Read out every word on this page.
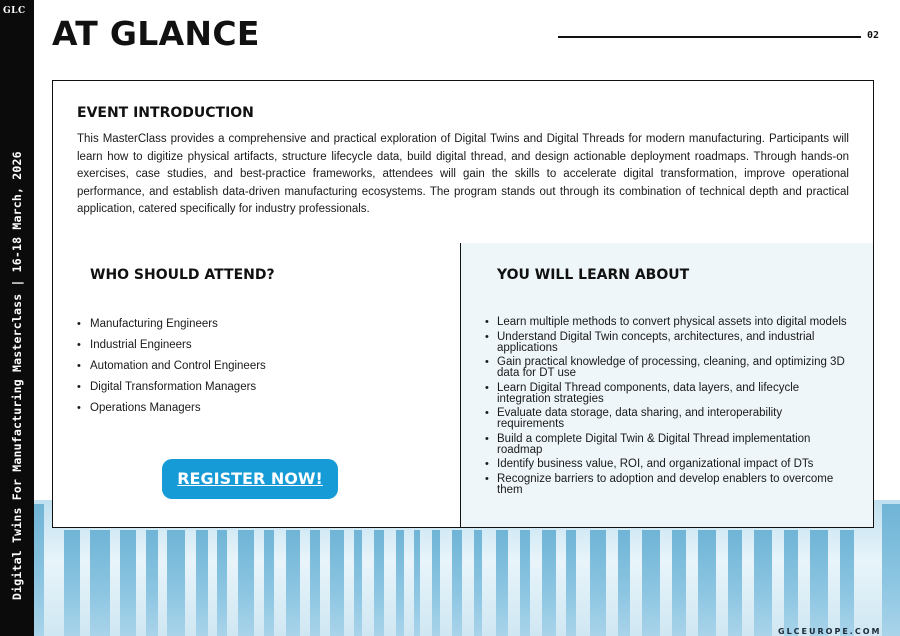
GLC
Digital Twins For Manufacturing Masterclass | 16-18 March, 2026
AT GLANCE	02
EVENT INTRODUCTION

This MasterClass provides a comprehensive and practical exploration of Digital Twins and Digital Threads for modern manufacturing. Participants will learn how to digitize physical artifacts, structure lifecycle data, build digital thread, and design actionable deployment roadmaps. Through hands-on exercises, case studies, and best-practice frameworks, attendees will gain the skills to accelerate digital transformation, improve operational performance, and establish data-driven manufacturing ecosystems. The program stands out through its combination of technical depth and practical application, catered specifically for industry professionals.

WHO SHOULD ATTEND?
• Manufacturing Engineers
• Industrial Engineers
• Automation and Control Engineers
• Digital Transformation Managers
• Operations Managers
REGISTER NOW!
YOU WILL LEARN ABOUT
• Learn multiple methods to convert physical assets into digital models
• Understand Digital Twin concepts, architectures, and industrial applications
• Gain practical knowledge of processing, cleaning, and optimizing 3D data for DT use
• Learn Digital Thread components, data layers, and lifecycle integration strategies
• Evaluate data storage, data sharing, and interoperability requirements
• Build a complete Digital Twin & Digital Thread implementation roadmap
• Identify business value, ROI, and organizational impact of DTs
• Recognize barriers to adoption and develop enablers to overcome them
GLCEUROPE.COM
